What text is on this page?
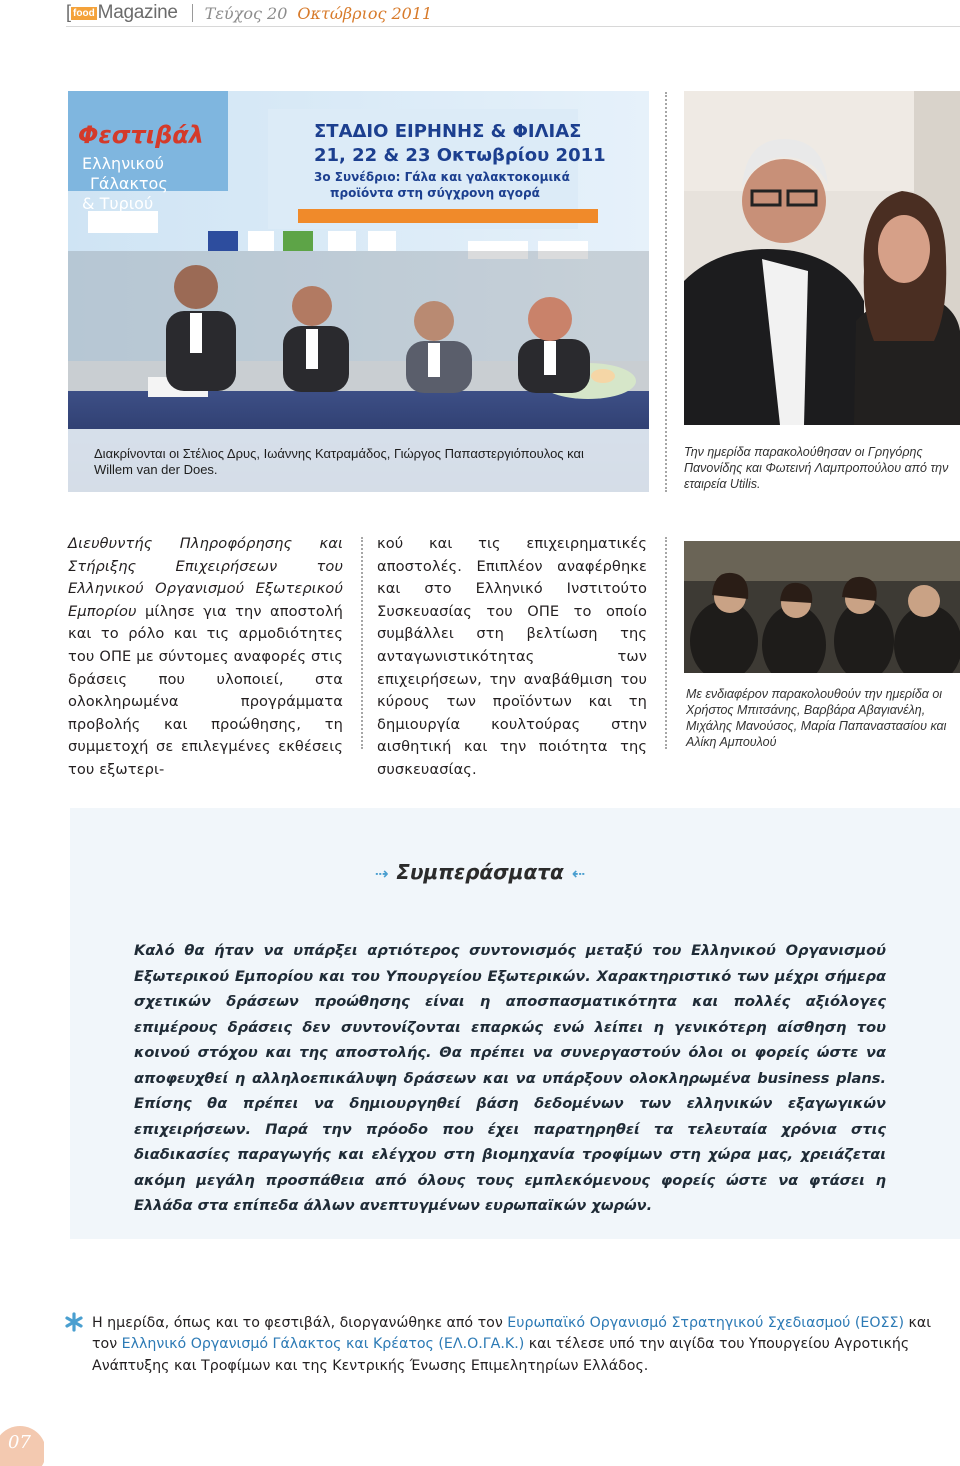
[ food Magazine Τεύχος 20 Οκτώβριος 2011
Φεστιβάλ
Ελληνικού
Γάλακτος
& Τυριού
ΣΤΑΔΙΟ ΕΙΡΗΝΗΣ & ΦΙΛΙΑΣ
21, 22 & 23 Οκτωβρίου 2011
3ο Συνέδριο: Γάλα και γαλακτοκομικά
προϊόντα στη σύγχρονη αγορά
Διακρίνονται οι Στέλιος Δρυς, Ιωάννης Κατραμάδος, Γιώργος Παπαστεργιόπουλος και Willem van der Does.
Την ημερίδα παρακολούθησαν οι Γρηγόρης Πανονίδης και Φωτεινή Λαμπροπούλου από την εταιρεία Utilis.
Διευθυντής Πληροφόρησης και Στήριξης Επιχειρήσεων του Ελληνικού Οργανισμού Εξωτερικού Εμπορίου μίλησε για την αποστολή και το ρόλο και τις αρμοδιότητες του ΟΠΕ με σύντομες αναφορές στις δράσεις που υλοποιεί, στα ολοκληρωμένα προγράμματα προβολής και προώθησης, τη συμμετοχή σε επιλεγμένες εκθέσεις του εξωτερι-
κού και τις επιχειρηματικές αποστολές. Επιπλέον αναφέρθηκε και στο Ελληνικό Ινστιτούτο Συσκευασίας του ΟΠΕ το οποίο συμβάλλει στη βελτίωση της ανταγωνιστικότητας των επιχειρήσεων, την αναβάθμιση του κύρους των προϊόντων και τη δημιουργία κουλτούρας στην αισθητική και την ποιότητα της συσκευασίας.
Με ενδιαφέρον παρακολουθούν την ημερίδα οι Χρήστος Μπιτσάνης, Βαρβάρα Αβαγιανέλη, Μιχάλης Μανούσος, Μαρία Παπαναστασίου και Αλίκη Αμπουλού
⇢ Συμπεράσματα ⇠
Καλό θα ήταν να υπάρξει αρτιότερος συντονισμός μεταξύ του Ελληνικού Οργανισμού Εξωτερικού Εμπορίου και του Υπουργείου Εξωτερικών. Χαρακτηριστικό των μέχρι σήμερα σχετικών δράσεων προώθησης είναι η αποσπασματικότητα και πολλές αξιόλογες επιμέρους δράσεις δεν συντονίζονται επαρκώς ενώ λείπει η γενικότερη αίσθηση του κοινού στόχου και της αποστολής. Θα πρέπει να συνεργαστούν όλοι οι φορείς ώστε να αποφευχθεί η αλληλοεπικάλυψη δράσεων και να υπάρξουν ολοκληρωμένα business plans. Επίσης θα πρέπει να δημιουργηθεί βάση δεδομένων των ελληνικών εξαγωγικών επιχειρήσεων. Παρά την πρόοδο που έχει παρατηρηθεί τα τελευταία χρόνια στις διαδικασίες παραγωγής και ελέγχου στη βιομηχανία τροφίμων στη χώρα μας, χρειάζεται ακόμη μεγάλη προσπάθεια από όλους τους εμπλεκόμενους φορείς ώστε να φτάσει η Ελλάδα στα επίπεδα άλλων ανεπτυγμένων ευρωπαϊκών χωρών.
Η ημερίδα, όπως και το φεστιβάλ, διοργανώθηκε από τον Ευρωπαϊκό Οργανισμό Στρατηγικού Σχεδιασμού (ΕΟΣΣ) και τον Ελληνικό Οργανισμό Γάλακτος και Κρέατος (ΕΛ.Ο.ΓΑ.Κ.) και τέλεσε υπό την αιγίδα του Υπουργείου Αγροτικής Ανάπτυξης και Τροφίμων και της Κεντρικής Ένωσης Επιμελητηρίων Ελλάδος.
07
